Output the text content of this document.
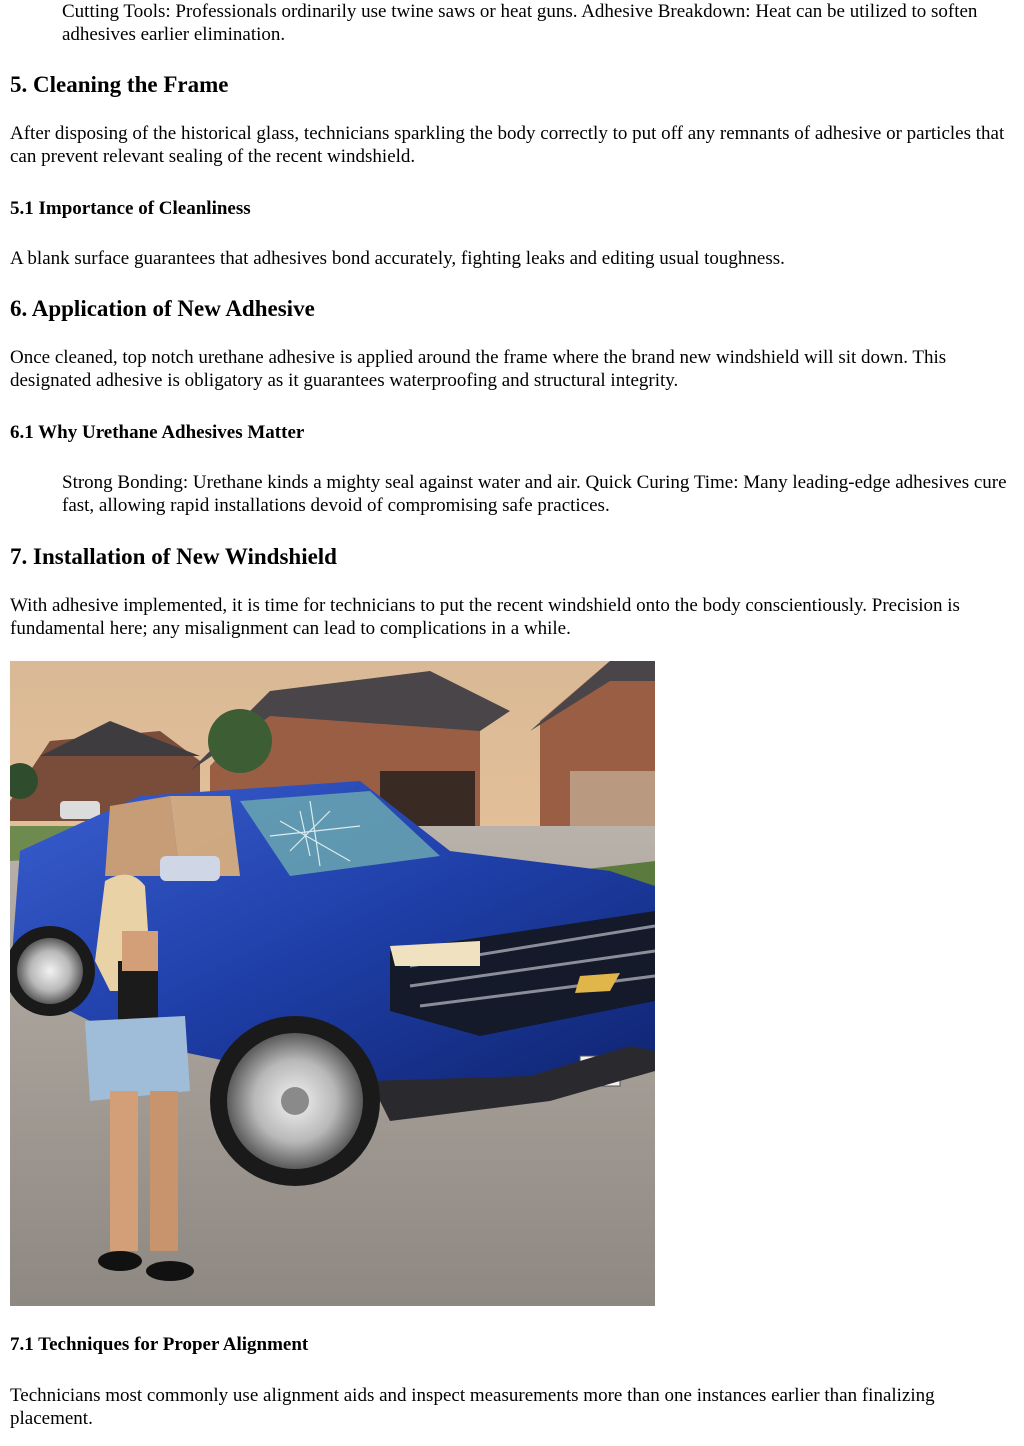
Cutting Tools: Professionals ordinarily use twine saws or heat guns. Adhesive Breakdown: Heat can be utilized to soften adhesives earlier elimination.

5. Cleaning the Frame

After disposing of the historical glass, technicians sparkling the body correctly to put off any remnants of adhesive or particles that can prevent relevant sealing of the recent windshield.

5.1 Importance of Cleanliness

A blank surface guarantees that adhesives bond accurately, fighting leaks and editing usual toughness.

6. Application of New Adhesive

Once cleaned, top notch urethane adhesive is applied around the frame where the brand new windshield will sit down. This designated adhesive is obligatory as it guarantees waterproofing and structural integrity.

6.1 Why Urethane Adhesives Matter

Strong Bonding: Urethane kinds a mighty seal against water and air. Quick Curing Time: Many leading-edge adhesives cure fast, allowing rapid installations devoid of compromising safe practices.

7. Installation of New Windshield

With adhesive implemented, it is time for technicians to put the recent windshield onto the body conscientiously. Precision is fundamental here; any misalignment can lead to complications in a while.

7.1 Techniques for Proper Alignment

Technicians most commonly use alignment aids and inspect measurements more than one instances earlier than finalizing placement.
